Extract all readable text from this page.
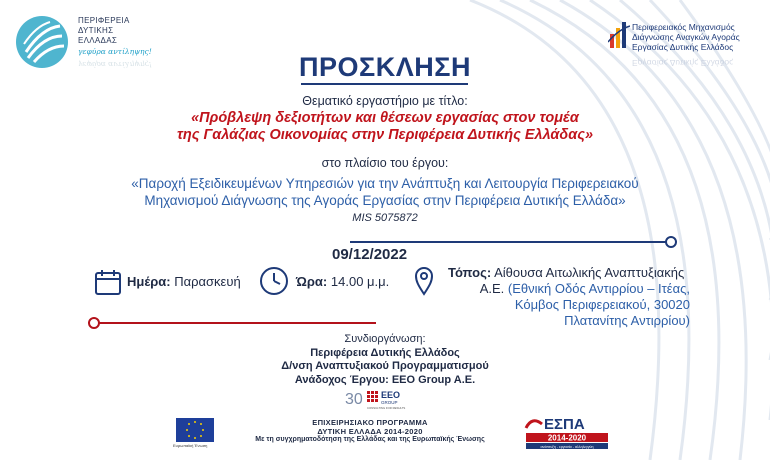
ΠΕΡΙΦΕΡΕΙΑ
ΔΥΤΙΚΗΣ
ΕΛΛΑΔΑΣ
γεφύρα αντίληψης!
γεφύρα αντίληψης!
Περιφερειακός Μηχανισμός
Διάγνωσης Αναγκών Αγοράς
Εργασίας Δυτικής Ελλάδος
Εργασίας Δυτικής Ελλάδος
ΠΡΟΣΚΛΗΣΗ
Θεματικό εργαστήριο με τίτλο:
«Πρόβλεψη δεξιοτήτων και θέσεων εργασίας στον τομέα
της Γαλάζιας Οικονομίας στην Περιφέρεια Δυτικής Ελλάδας»
στο πλαίσιο του έργου:
«Παροχή Εξειδικευμένων Υπηρεσιών για την Ανάπτυξη και Λειτουργία Περιφερειακού
Μηχανισμού Διάγνωσης της Αγοράς Εργασίας στην Περιφέρεια Δυτικής Ελλάδα»
MIS 5075872
09/12/2022
Ημέρα: Παρασκευή	Ώρα: 14.00 μ.μ.
Τόπος: Αίθουσα Αιτωλικής Αναπτυξιακής
Α.Ε. (Εθνική Οδός Αντιρρίου – Ιτέας,
Κόμβος Περιφερειακού, 30020
Πλατανίτης Αντιρρίου)
Συνδιοργάνωση:
Περιφέρεια Δυτικής Ελλάδος
Δ/νση Αναπτυξιακού Προγραμματισμού
Ανάδοχος Έργου: EEO Group A.E.
30 EEO
GROUP
CONSULTING FOR RESULTS
Ευρωπαϊκή Ένωση
ΕΠΙΧΕΙΡΗΣΙΑΚΟ ΠΡΟΓΡΑΜΜΑ
ΔΥΤΙΚΗ ΕΛΛΑΔΑ 2014-2020
Με τη συγχρηματοδότηση της Ελλάδας και της Ευρωπαϊκής Ένωσης
ΕΣΠΑ
2014-2020
ανάπτυξη - εργασία - αλληλεγγύη
